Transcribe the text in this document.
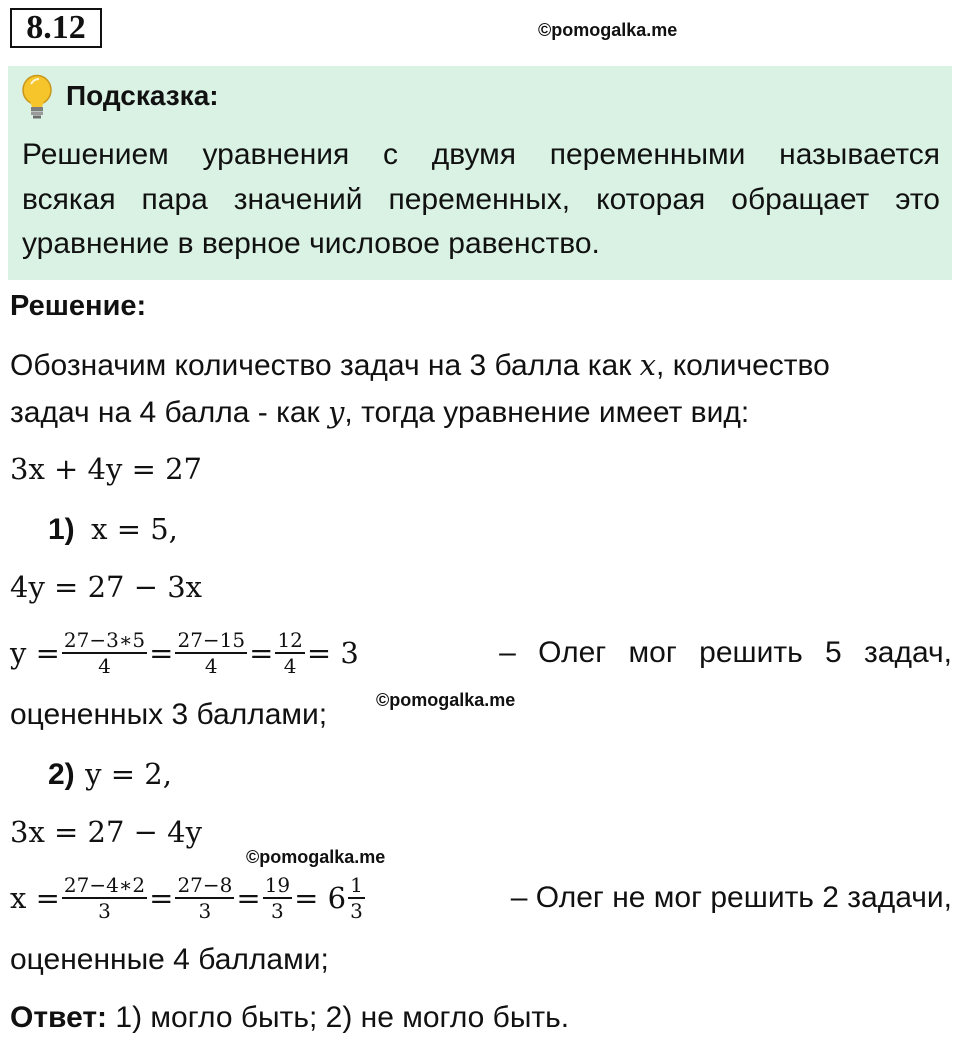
8.12	©pomogalka.me
Подсказка:
Решением уравнения с двумя переменными называется
всякая пара значений переменных, которая обращает это
уравнение в верное числовое равенство.
Решение:
Обозначим количество задач на 3 балла как x, количество
задач на 4 балла - как y, тогда уравнение имеет вид:
3x + 4y = 27
1) x = 5,
4y = 27 − 3x
$y = \frac{27-3∗5}{4} = \frac{27-15}{4} = \frac{12}{4} = 3$	– Олег мог решить 5 задач,
оцененных 3 баллами;	©pomogalka.me
2) y = 2,
3x = 27 − 4y
©pomogalka.me
$x = \frac{27-4∗2}{3} = \frac{27-8}{3} = \frac{19}{3} = 6 \frac{1}{3}$	– Олег не мог решить 2 задачи,
оцененные 4 баллами;
Ответ: 1) могло быть; 2) не могло быть.
